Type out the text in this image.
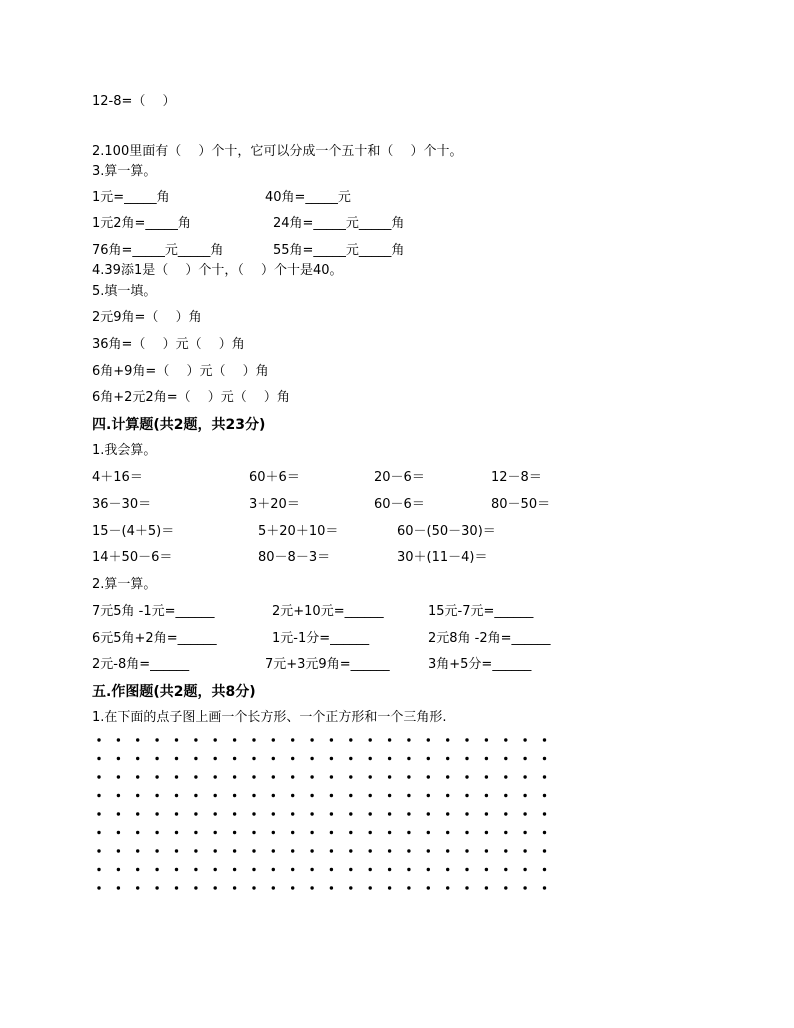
12-8=（　 ）
2.100里面有（　 ）个十，它可以分成一个五十和（　 ）个十。
3.算一算。
1元=_____角	40角=_____元
1元2角=_____角	24角=_____元_____角
76角=_____元_____角	55角=_____元_____角
4.39添1是（　 ）个十，（　 ）个十是40。
5.填一填。
2元9角=（　 ）角
36角=（　 ）元（　 ）角
6角+9角=（　 ）元（　 ）角
6角+2元2角=（　 ）元（　 ）角
四.计算题(共2题，共23分)
1.我会算。
4＋16＝	60＋6＝	20－6＝	12－8＝
36－30＝	3＋20＝	60－6＝	80－50＝
15－(4＋5)＝	5＋20＋10＝	60－(50－30)＝
14＋50－6＝	80－8－3＝	30＋(11－4)＝
2.算一算。
7元5角 -1元=______	2元+10元=______	15元-7元=______
6元5角+2角=______	1元-1分=______	2元8角 -2角=______
2元-8角=______	7元+3元9角=______	3角+5分=______
五.作图题(共2题，共8分)
1.在下面的点子图上画一个长方形、一个正方形和一个三角形.
